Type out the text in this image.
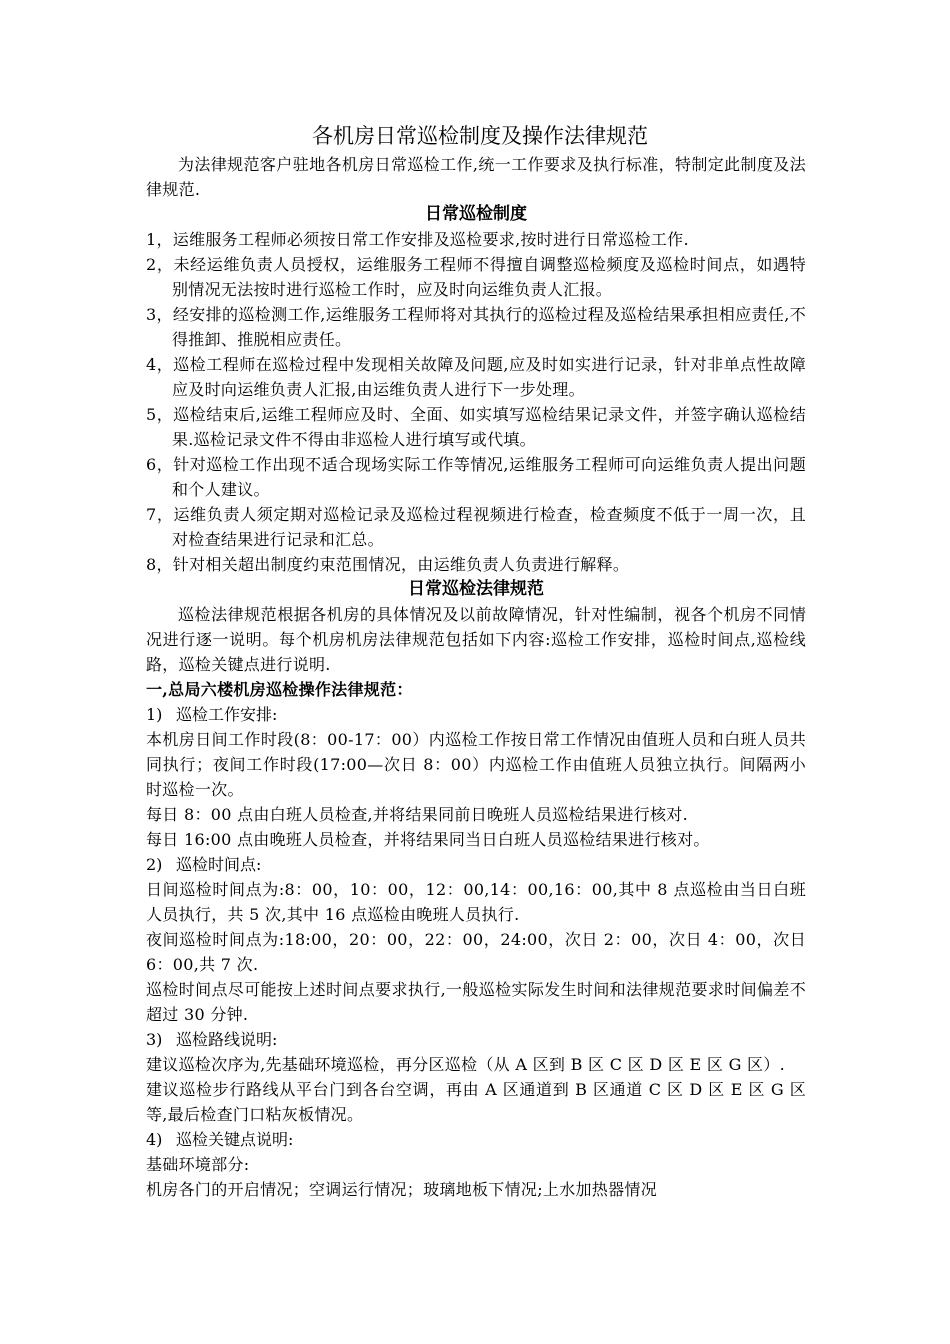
各机房日常巡检制度及操作法律规范

为法律规范客户驻地各机房日常巡检工作,统一工作要求及执行标准，特制定此制度及法律规范.

日常巡检制度

1，运维服务工程师必须按日常工作安排及巡检要求,按时进行日常巡检工作.

2，未经运维负责人员授权，运维服务工程师不得擅自调整巡检频度及巡检时间点，如遇特别情况无法按时进行巡检工作时，应及时向运维负责人汇报。

3，经安排的巡检测工作,运维服务工程师将对其执行的巡检过程及巡检结果承担相应责任,不得推卸、推脱相应责任。

4，巡检工程师在巡检过程中发现相关故障及问题,应及时如实进行记录，针对非单点性故障应及时向运维负责人汇报,由运维负责人进行下一步处理。

5，巡检结束后,运维工程师应及时、全面、如实填写巡检结果记录文件，并签字确认巡检结果.巡检记录文件不得由非巡检人进行填写或代填。

6，针对巡检工作出现不适合现场实际工作等情况,运维服务工程师可向运维负责人提出问题和个人建议。

7，运维负责人须定期对巡检记录及巡检过程视频进行检查，检查频度不低于一周一次，且对检查结果进行记录和汇总。

8，针对相关超出制度约束范围情况，由运维负责人负责进行解释。

日常巡检法律规范

巡检法律规范根据各机房的具体情况及以前故障情况，针对性编制，视各个机房不同情况进行逐一说明。每个机房机房法律规范包括如下内容:巡检工作安排，巡检时间点,巡检线路，巡检关键点进行说明.

一,总局六楼机房巡检操作法律规范：

1) 巡检工作安排:

本机房日间工作时段(8：00-17：00）内巡检工作按日常工作情况由值班人员和白班人员共同执行；夜间工作时段(17:00—次日 8：00）内巡检工作由值班人员独立执行。间隔两小时巡检一次。

每日 8：00 点由白班人员检查,并将结果同前日晚班人员巡检结果进行核对.

每日 16:00 点由晚班人员检查，并将结果同当日白班人员巡检结果进行核对。

2) 巡检时间点:

日间巡检时间点为:8：00，10：00，12：00,14：00,16：00,其中 8 点巡检由当日白班人员执行，共 5 次,其中 16 点巡检由晚班人员执行.

夜间巡检时间点为:18:00，20：00，22：00，24:00，次日 2：00，次日 4：00，次日 6：00,共 7 次.

巡检时间点尽可能按上述时间点要求执行,一般巡检实际发生时间和法律规范要求时间偏差不超过 30 分钟.

3) 巡检路线说明:

建议巡检次序为,先基础环境巡检，再分区巡检（从 A 区到 B 区 C 区 D 区 E 区 G 区）.

建议巡检步行路线从平台门到各台空调，再由 A 区通道到 B 区通道 C 区 D 区 E 区 G 区等,最后检查门口粘灰板情况。

4) 巡检关键点说明:

基础环境部分:

机房各门的开启情况；空调运行情况；玻璃地板下情况;上水加热器情况
